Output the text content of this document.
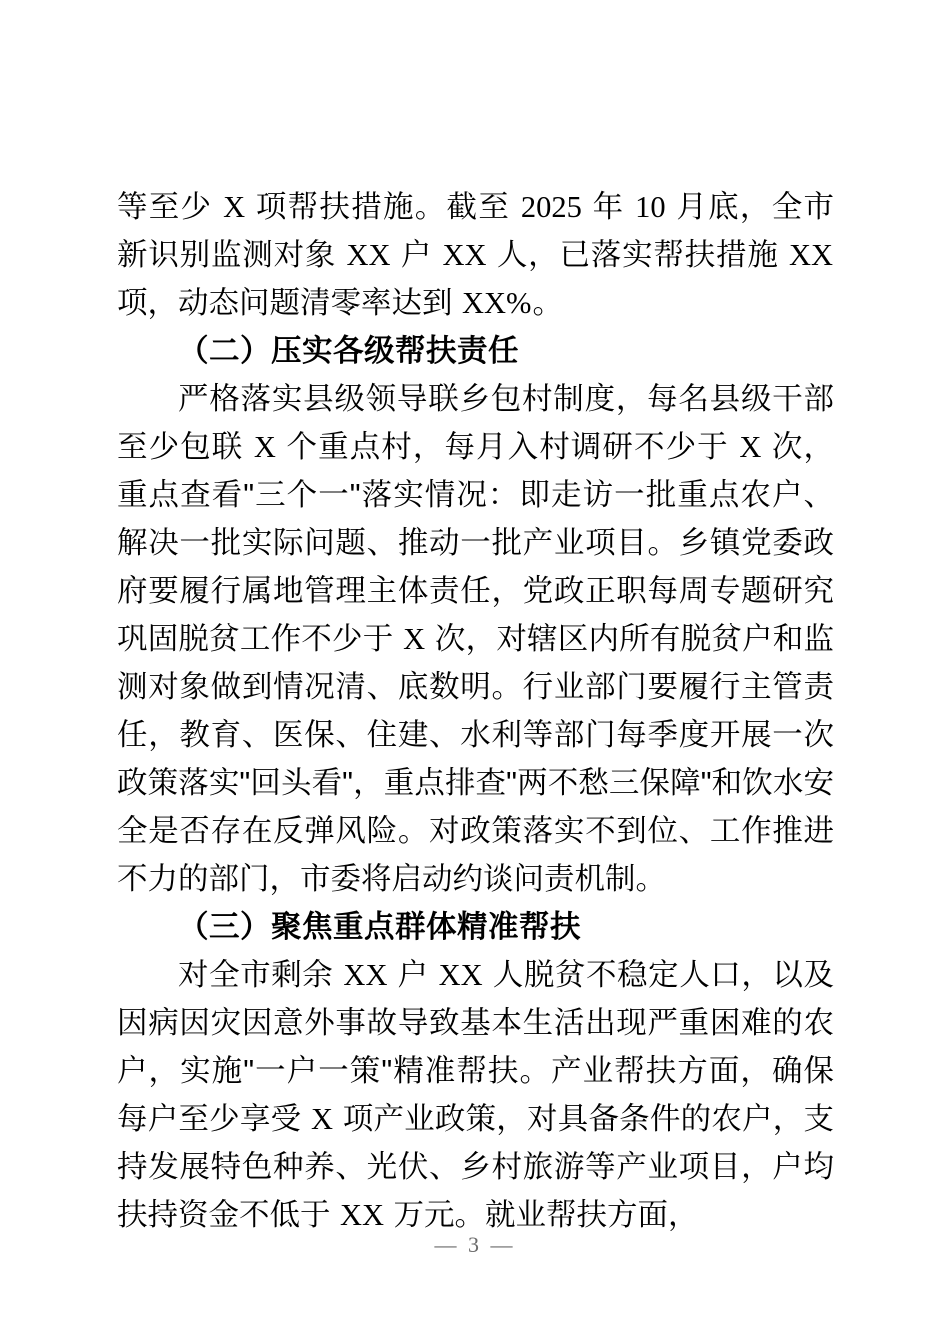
等至少 X 项帮扶措施。截至 2025 年 10 月底，全市新识别监测对象 XX 户 XX 人，已落实帮扶措施 XX 项，动态问题清零率达到 XX%。

（二）压实各级帮扶责任

严格落实县级领导联乡包村制度，每名县级干部至少包联 X 个重点村，每月入村调研不少于 X 次，重点查看"三个一"落实情况：即走访一批重点农户、解决一批实际问题、推动一批产业项目。乡镇党委政府要履行属地管理主体责任，党政正职每周专题研究巩固脱贫工作不少于 X 次，对辖区内所有脱贫户和监测对象做到情况清、底数明。行业部门要履行主管责任，教育、医保、住建、水利等部门每季度开展一次政策落实"回头看"，重点排查"两不愁三保障"和饮水安全是否存在反弹风险。对政策落实不到位、工作推进不力的部门，市委将启动约谈问责机制。

（三）聚焦重点群体精准帮扶

对全市剩余 XX 户 XX 人脱贫不稳定人口，以及因病因灾因意外事故导致基本生活出现严重困难的农户，实施"一户一策"精准帮扶。产业帮扶方面，确保每户至少享受 X 项产业政策，对具备条件的农户，支持发展特色种养、光伏、乡村旅游等产业项目，户均扶持资金不低于 XX 万元。就业帮扶方面，

— 3 —
